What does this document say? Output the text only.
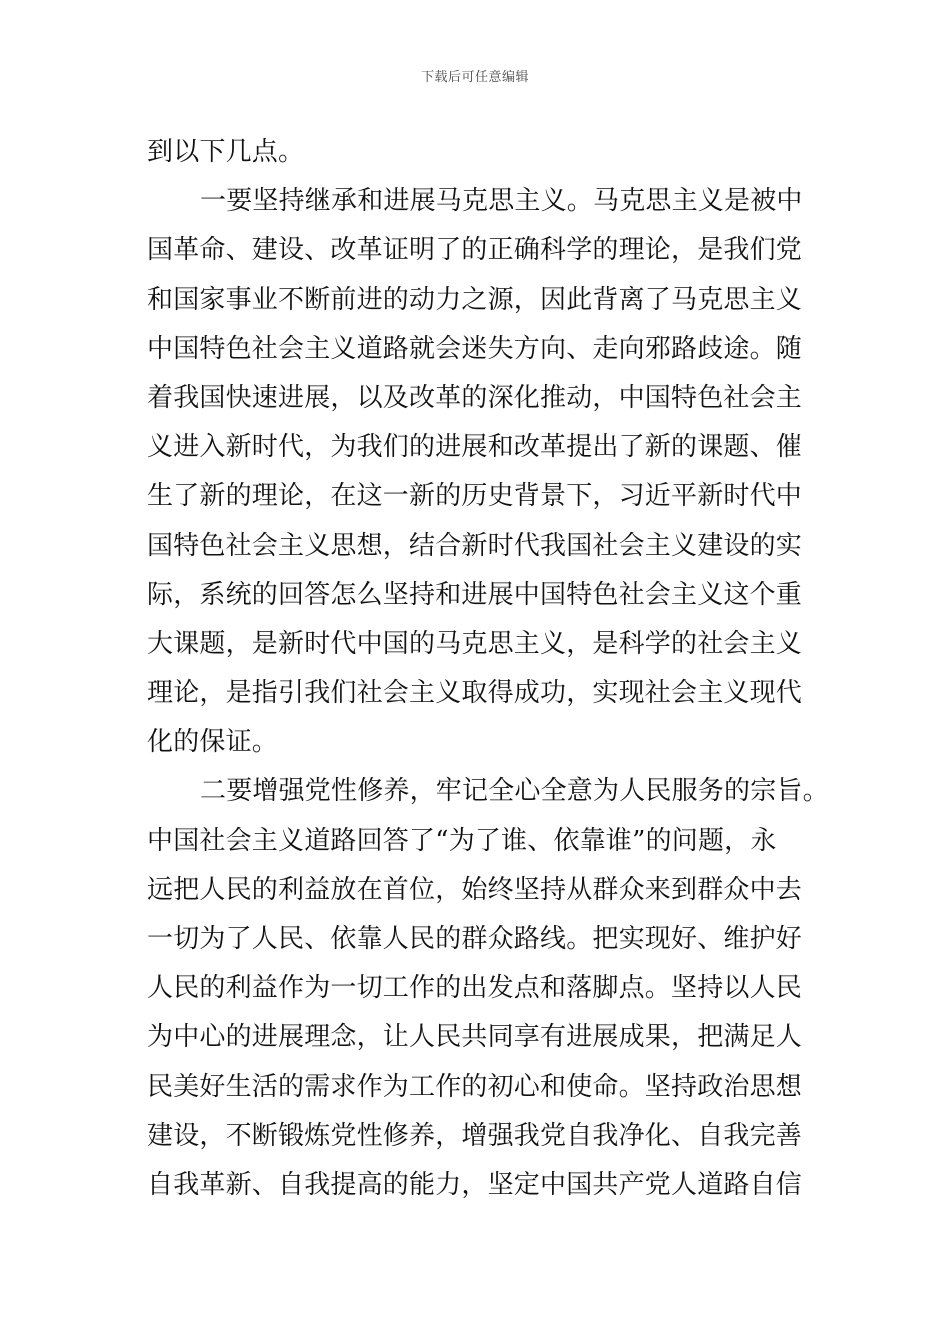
下载后可任意编辑
到以下几点。
一要坚持继承和进展马克思主义。马克思主义是被中
国革命、建设、改革证明了的正确科学的理论，是我们党
和国家事业不断前进的动力之源，因此背离了马克思主义
中国特色社会主义道路就会迷失方向、走向邪路歧途。随
着我国快速进展，以及改革的深化推动，中国特色社会主
义进入新时代，为我们的进展和改革提出了新的课题、催
生了新的理论，在这一新的历史背景下，习近平新时代中
国特色社会主义思想，结合新时代我国社会主义建设的实
际，系统的回答怎么坚持和进展中国特色社会主义这个重
大课题，是新时代中国的马克思主义，是科学的社会主义
理论，是指引我们社会主义取得成功，实现社会主义现代
化的保证。
二要增强党性修养，牢记全心全意为人民服务的宗旨。
中国社会主义道路回答了“为了谁、依靠谁”的问题，永
远把人民的利益放在首位，始终坚持从群众来到群众中去
一切为了人民、依靠人民的群众路线。把实现好、维护好
人民的利益作为一切工作的出发点和落脚点。坚持以人民
为中心的进展理念，让人民共同享有进展成果，把满足人
民美好生活的需求作为工作的初心和使命。坚持政治思想
建设，不断锻炼党性修养，增强我党自我净化、自我完善
自我革新、自我提高的能力，坚定中国共产党人道路自信
